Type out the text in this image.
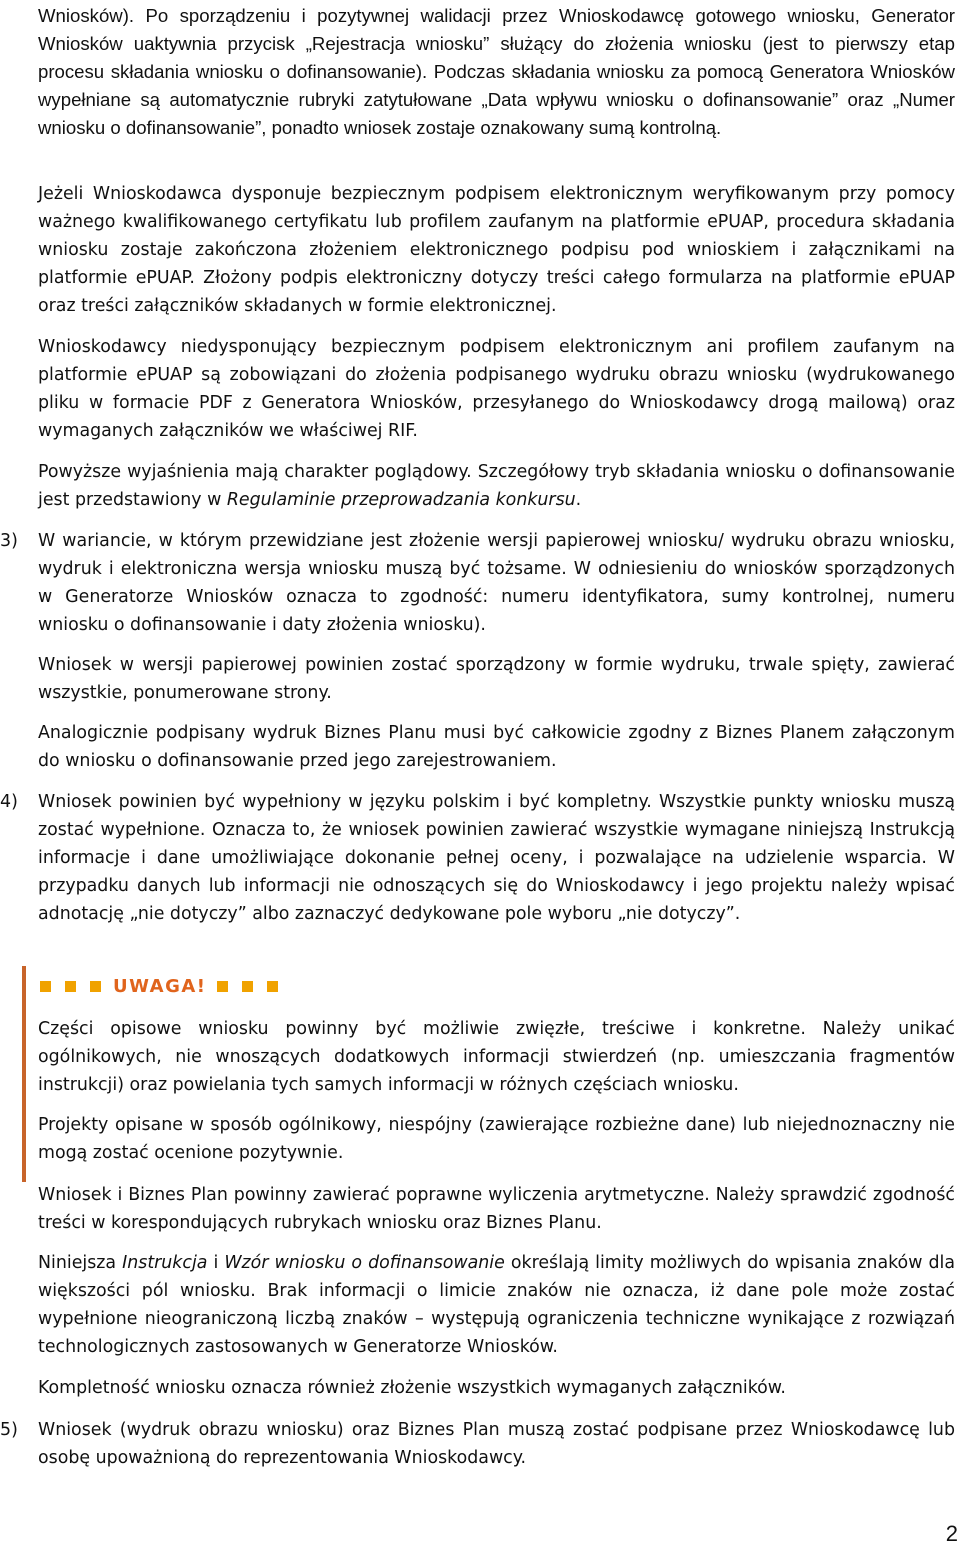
Wniosków). Po sporządzeniu i pozytywnej walidacji przez Wnioskodawcę gotowego wniosku, Generator Wniosków uaktywnia przycisk „Rejestracja wniosku” służący do złożenia wniosku (jest to pierwszy etap procesu składania wniosku o dofinansowanie). Podczas składania wniosku za pomocą Generatora Wniosków wypełniane są automatycznie rubryki zatytułowane „Data wpływu wniosku o dofinansowanie” oraz „Numer wniosku o dofinansowanie”, ponadto wniosek zostaje oznakowany sumą kontrolną.

Jeżeli Wnioskodawca dysponuje bezpiecznym podpisem elektronicznym weryfikowanym przy pomocy ważnego kwalifikowanego certyfikatu lub profilem zaufanym na platformie ePUAP, procedura składania wniosku zostaje zakończona złożeniem elektronicznego podpisu pod wnioskiem i załącznikami na platformie ePUAP. Złożony podpis elektroniczny dotyczy treści całego formularza na platformie ePUAP oraz treści załączników składanych w formie elektronicznej.

Wnioskodawcy niedysponujący bezpiecznym podpisem elektronicznym ani profilem zaufanym na platformie ePUAP są zobowiązani do złożenia podpisanego wydruku obrazu wniosku (wydrukowanego pliku w formacie PDF z Generatora Wniosków, przesyłanego do Wnioskodawcy drogą mailową) oraz wymaganych załączników we właściwej RIF.

Powyższe wyjaśnienia mają charakter poglądowy. Szczegółowy tryb składania wniosku o dofinansowanie jest przedstawiony w Regulaminie przeprowadzania konkursu.

3) W wariancie, w którym przewidziane jest złożenie wersji papierowej wniosku/ wydruku obrazu wniosku, wydruk i elektroniczna wersja wniosku muszą być tożsame. W odniesieniu do wniosków sporządzonych w Generatorze Wniosków oznacza to zgodność: numeru identyfikatora, sumy kontrolnej, numeru wniosku o dofinansowanie i daty złożenia wniosku).

Wniosek w wersji papierowej powinien zostać sporządzony w formie wydruku, trwale spięty, zawierać wszystkie, ponumerowane strony.

Analogicznie podpisany wydruk Biznes Planu musi być całkowicie zgodny z Biznes Planem załączonym do wniosku o dofinansowanie przed jego zarejestrowaniem.

4) Wniosek powinien być wypełniony w języku polskim i być kompletny. Wszystkie punkty wniosku muszą zostać wypełnione. Oznacza to, że wniosek powinien zawierać wszystkie wymagane niniejszą Instrukcją informacje i dane umożliwiające dokonanie pełnej oceny, i pozwalające na udzielenie wsparcia. W przypadku danych lub informacji nie odnoszących się do Wnioskodawcy i jego projektu należy wpisać adnotację „nie dotyczy” albo zaznaczyć dedykowane pole wyboru „nie dotyczy”.

UWAGA!

Części opisowe wniosku powinny być możliwie zwięzłe, treściwe i konkretne. Należy unikać ogólnikowych, nie wnoszących dodatkowych informacji stwierdzeń (np. umieszczania fragmentów instrukcji) oraz powielania tych samych informacji w różnych częściach wniosku.

Projekty opisane w sposób ogólnikowy, niespójny (zawierające rozbieżne dane) lub niejednoznaczny nie mogą zostać ocenione pozytywnie.

Wniosek i Biznes Plan powinny zawierać poprawne wyliczenia arytmetyczne. Należy sprawdzić zgodność treści w korespondujących rubrykach wniosku oraz Biznes Planu.

Niniejsza Instrukcja i Wzór wniosku o dofinansowanie określają limity możliwych do wpisania znaków dla większości pól wniosku. Brak informacji o limicie znaków nie oznacza, iż dane pole może zostać wypełnione nieograniczoną liczbą znaków – występują ograniczenia techniczne wynikające z rozwiązań technologicznych zastosowanych w Generatorze Wniosków.

Kompletność wniosku oznacza również złożenie wszystkich wymaganych załączników.

5) Wniosek (wydruk obrazu wniosku) oraz Biznes Plan muszą zostać podpisane przez Wnioskodawcę lub osobę upoważnioną do reprezentowania Wnioskodawcy.

2
